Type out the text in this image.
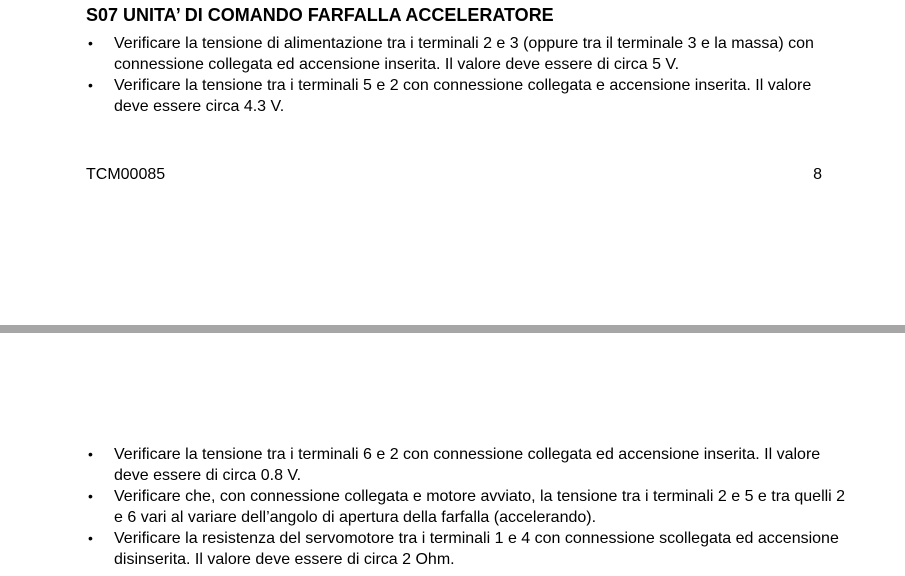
S07 UNITA’ DI COMANDO FARFALLA ACCELERATORE
• Verificare la tensione di alimentazione tra i terminali 2 e 3 (oppure tra il terminale 3 e la massa) con connessione collegata ed accensione inserita. Il valore deve essere di circa 5 V.
• Verificare la tensione tra i terminali 5 e 2 con connessione collegata e accensione inserita. Il valore deve essere circa 4.3 V.
TCM00085	8
• Verificare la tensione tra i terminali 6 e 2 con connessione collegata ed accensione inserita. Il valore deve essere di circa 0.8 V.
• Verificare che, con connessione collegata e motore avviato, la tensione tra i terminali 2 e 5 e tra quelli 2 e 6 vari al variare dell’angolo di apertura della farfalla (accelerando).
• Verificare la resistenza del servomotore tra i terminali 1 e 4 con connessione scollegata ed accensione disinserita. Il valore deve essere di circa 2 Ohm.
